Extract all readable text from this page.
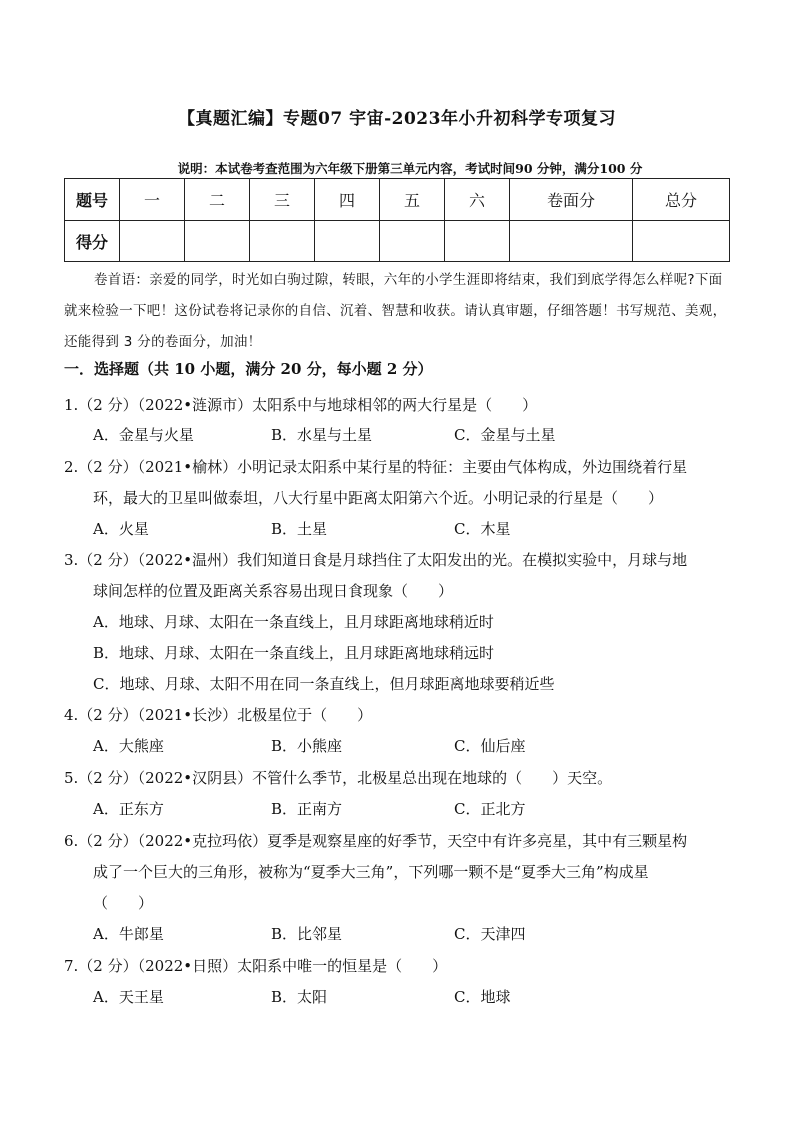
【真题汇编】专题07 宇宙-2023年小升初科学专项复习
说明：本试卷考查范围为六年级下册第三单元内容，考试时间90 分钟，满分100 分
题号	一	二	三	四	五	六	卷面分	总分
得分								
卷首语：亲爱的同学，时光如白驹过隙，转眼，六年的小学生涯即将结束，我们到底学得怎么样呢?下面就来检验一下吧！这份试卷将记录你的自信、沉着、智慧和收获。请认真审题，仔细答题！书写规范、美观，还能得到 3 分的卷面分，加油！
一．选择题（共 10 小题，满分 20 分，每小题 2 分）
1.（2 分）（2022•涟源市）太阳系中与地球相邻的两大行星是（　　）
A．金星与火星	B．水星与土星	C．金星与土星
2.（2 分）（2021•榆林）小明记录太阳系中某行星的特征：主要由气体构成，外边围绕着行星
环，最大的卫星叫做泰坦，八大行星中距离太阳第六个近。小明记录的行星是（　　）
A．火星	B．土星	C．木星
3.（2 分）（2022•温州）我们知道日食是月球挡住了太阳发出的光。在模拟实验中，月球与地
球间怎样的位置及距离关系容易出现日食现象（　　）
A．地球、月球、太阳在一条直线上，且月球距离地球稍近时
B．地球、月球、太阳在一条直线上，且月球距离地球稍远时
C．地球、月球、太阳不用在同一条直线上，但月球距离地球要稍近些
4.（2 分）（2021•长沙）北极星位于（　　）
A．大熊座	B．小熊座	C．仙后座
5.（2 分）（2022•汉阴县）不管什么季节，北极星总出现在地球的（　　）天空。
A．正东方	B．正南方	C．正北方
6.（2 分）（2022•克拉玛依）夏季是观察星座的好季节，天空中有许多亮星，其中有三颗星构
成了一个巨大的三角形，被称为“夏季大三角”，下列哪一颗不是“夏季大三角”构成星
（　　）
A．牛郎星	B．比邻星	C．天津四
7.（2 分）（2022•日照）太阳系中唯一的恒星是（　　）
A．天王星	B．太阳	C．地球
